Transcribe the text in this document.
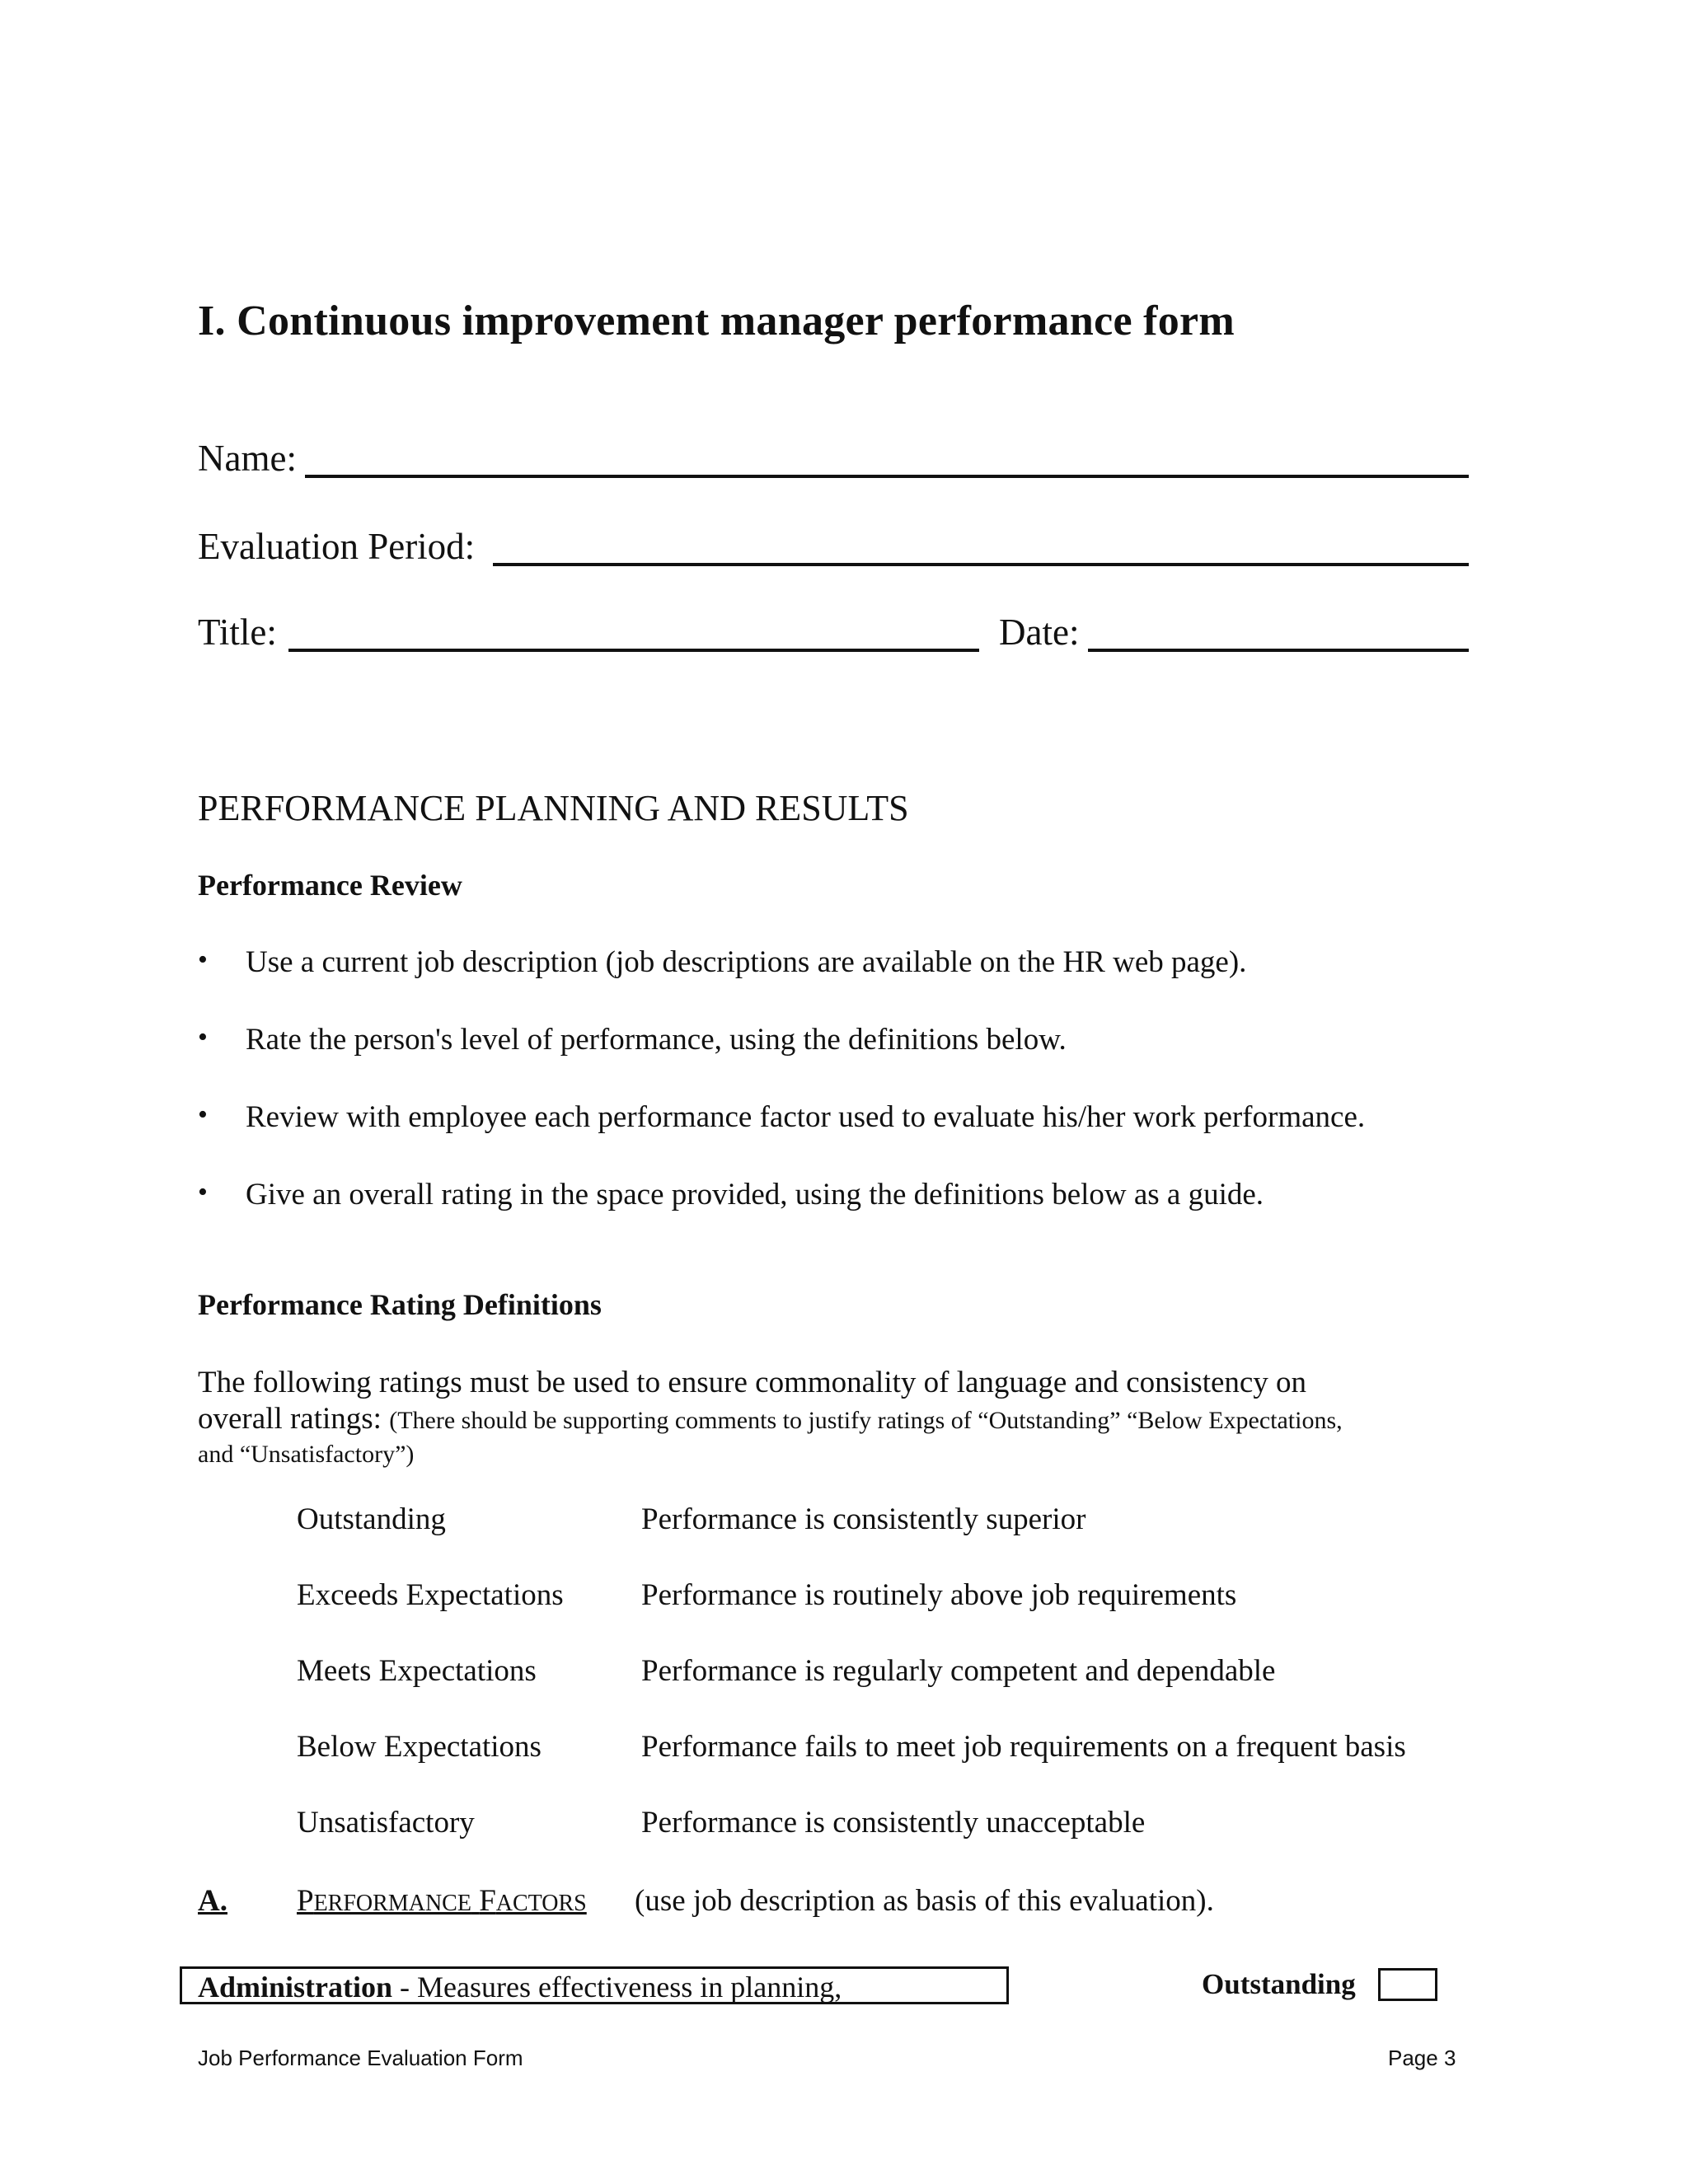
I. Continuous improvement manager performance form
Name:
Evaluation Period:
Title:	Date:
PERFORMANCE PLANNING AND RESULTS
Performance Review
• Use a current job description (job descriptions are available on the HR web page).
• Rate the person's level of performance, using the definitions below.
• Review with employee each performance factor used to evaluate his/her work performance.
• Give an overall rating in the space provided, using the definitions below as a guide.
Performance Rating Definitions
The following ratings must be used to ensure commonality of language and consistency on
overall ratings: (There should be supporting comments to justify ratings of “Outstanding” “Below Expectations,
and “Unsatisfactory”)
Outstanding	Performance is consistently superior
Exceeds Expectations	Performance is routinely above job requirements
Meets Expectations	Performance is regularly competent and dependable
Below Expectations	Performance fails to meet job requirements on a frequent basis
Unsatisfactory	Performance is consistently unacceptable
A. PERFORMANCE FACTORS (use job description as basis of this evaluation).
Administration - Measures effectiveness in planning,	Outstanding
Job Performance Evaluation Form	Page 3
